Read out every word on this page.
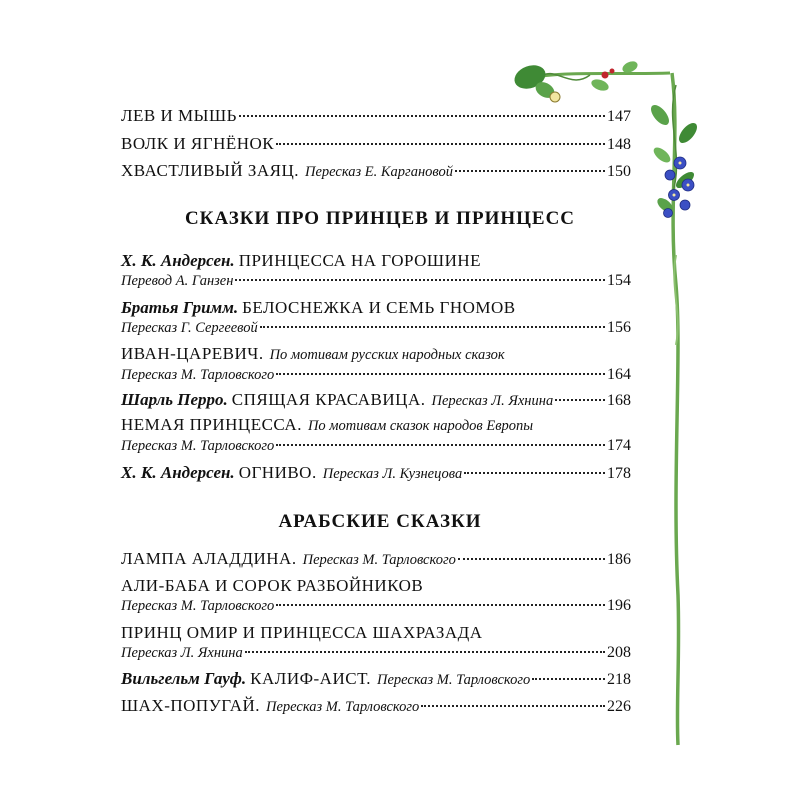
ЛЕВ И МЫШЬ	147
ВОЛК И ЯГНЁНОК	148
ХВАСТЛИВЫЙ ЗАЯЦ. Пересказ Е. Каргановой	150
СКАЗКИ ПРО ПРИНЦЕВ И ПРИНЦЕСС
Х. К. Андерсен. ПРИНЦЕССА НА ГОРОШИНЕ
Перевод А. Ганзен	154
Братья Гримм. БЕЛОСНЕЖКА И СЕМЬ ГНОМОВ
Пересказ Г. Сергеевой	156
ИВАН-ЦАРЕВИЧ. По мотивам русских народных сказок
Пересказ М. Тарловского	164
Шарль Перро. СПЯЩАЯ КРАСАВИЦА. Пересказ Л. Яхнина	168
НЕМАЯ ПРИНЦЕССА. По мотивам сказок народов Европы
Пересказ М. Тарловского	174
Х. К. Андерсен. ОГНИВО. Пересказ Л. Кузнецова	178
АРАБСКИЕ СКАЗКИ
ЛАМПА АЛАДДИНА. Пересказ М. Тарловского	186
АЛИ-БАБА И СОРОК РАЗБОЙНИКОВ
Пересказ М. Тарловского	196
ПРИНЦ ОМИР И ПРИНЦЕССА ШАХРАЗАДА
Пересказ Л. Яхнина	208
Вильгельм Гауф. КАЛИФ-АИСТ. Пересказ М. Тарловского	218
ШАХ-ПОПУГАЙ. Пересказ М. Тарловского	226
